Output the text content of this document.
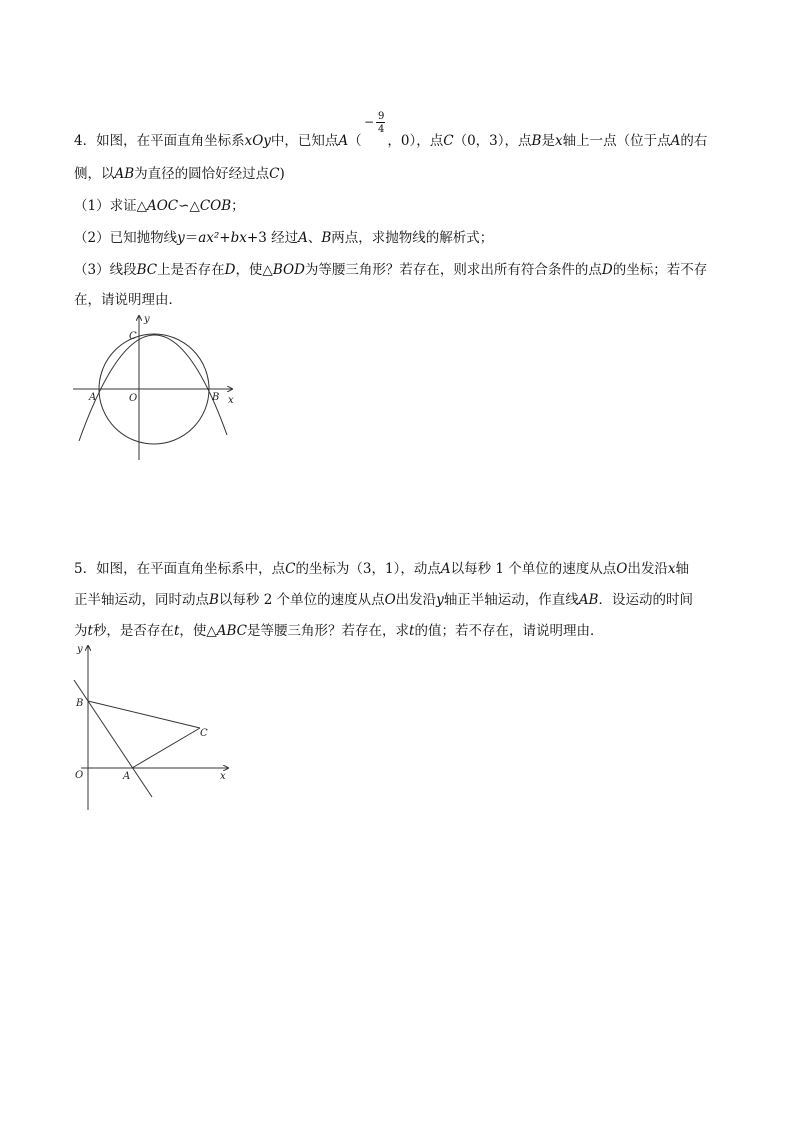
− 9
4
4．如图，在平面直角坐标系xOy中，已知点A（      ，0），点C（0，3），点B是x轴上一点（位于点A的右
侧，以AB为直径的圆恰好经过点C)
（1）求证△AOC∽△COB；
（2）已知抛物线y＝ax²+bx+3 经过A、B两点，求抛物线的解析式；
（3）线段BC上是否存在D，使△BOD为等腰三角形？若存在，则求出所有符合条件的点D的坐标；若不存
在，请说明理由．
y
C
A	O	B x
5．如图，在平面直角坐标系中，点C的坐标为（3，1），动点A以每秒 1 个单位的速度从点O出发沿x轴
正半轴运动，同时动点B以每秒 2 个单位的速度从点O出发沿y轴正半轴运动，作直线AB．设运动的时间
为t秒，是否存在t，使△ABC是等腰三角形？若存在，求t的值；若不存在，请说明理由．
y
B
C
O	A	x
